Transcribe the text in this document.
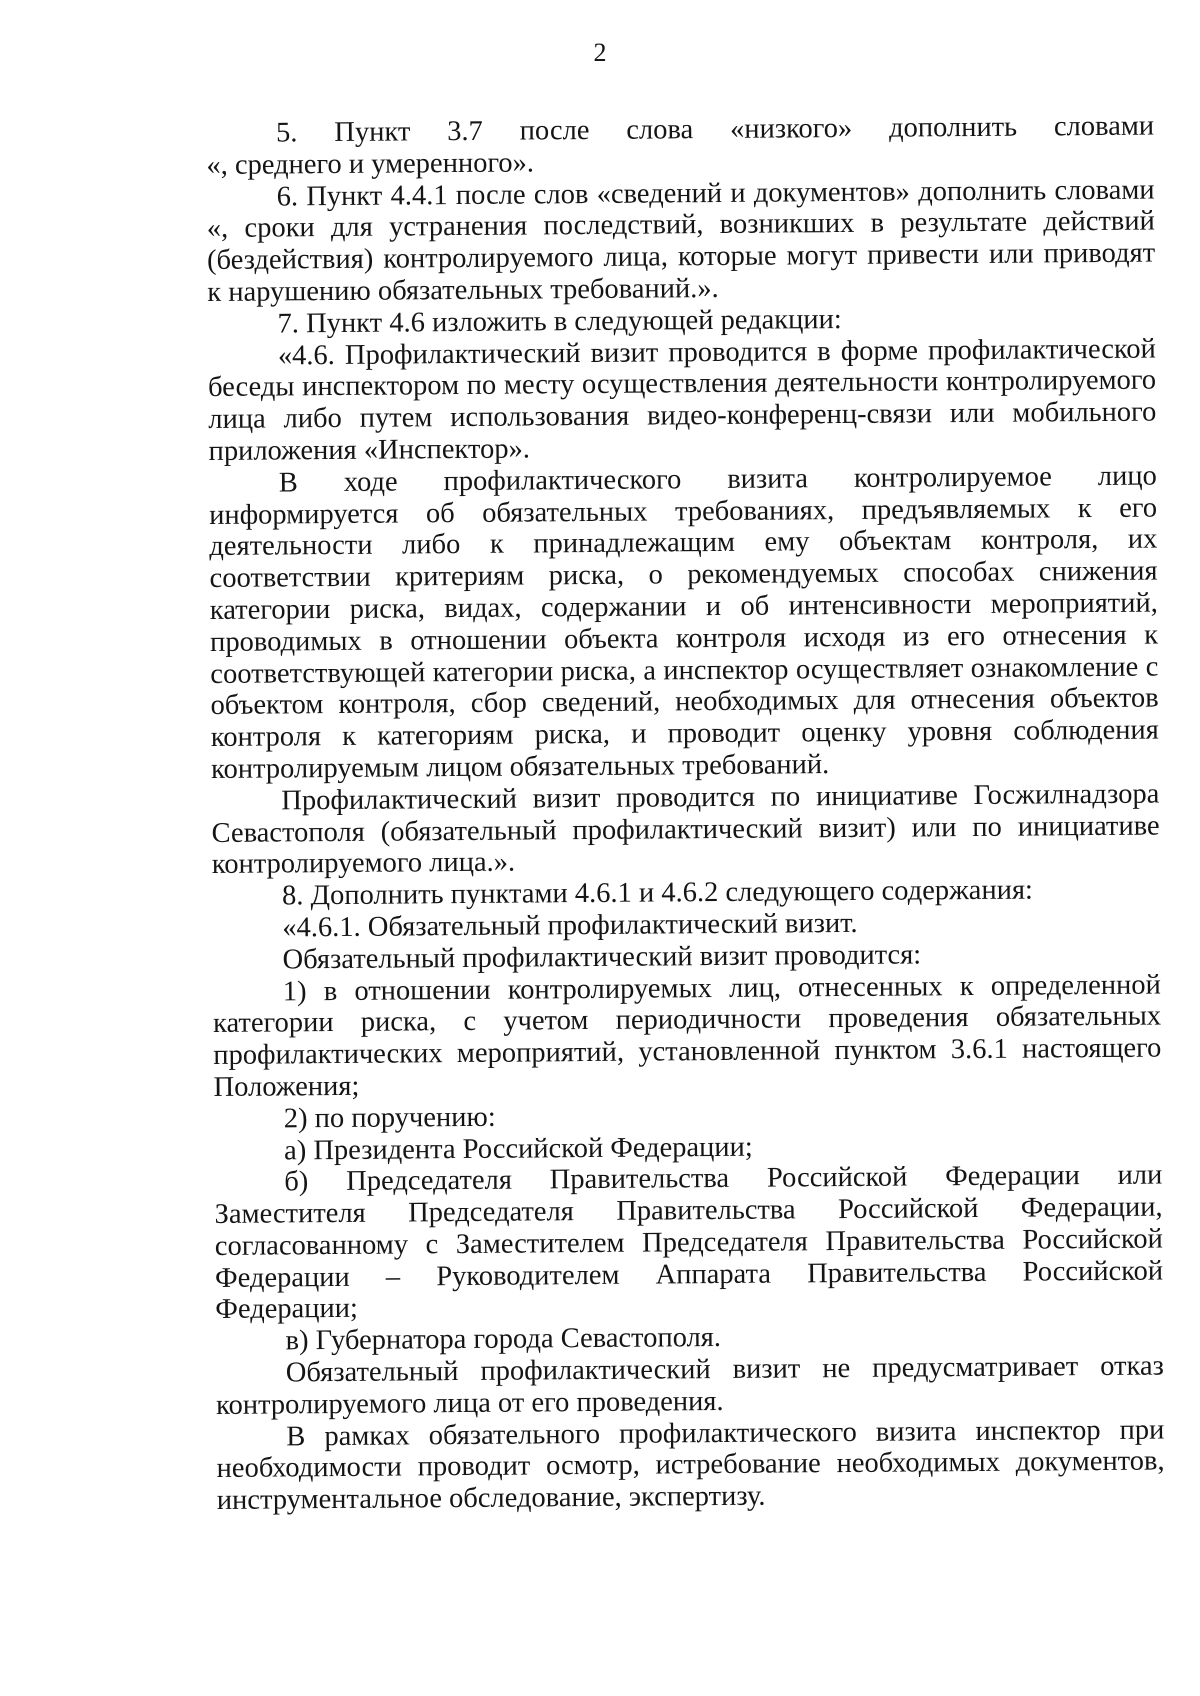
2

5. Пункт 3.7 после слова «низкого» дополнить словами

«, среднего и умеренного».

6. Пункт 4.4.1 после слов «сведений и документов» дополнить словами «, сроки для устранения последствий, возникших в результате действий (бездействия) контролируемого лица, которые могут привести или приводят к нарушению обязательных требований.».

7. Пункт 4.6 изложить в следующей редакции:

«4.6. Профилактический визит проводится в форме профилактической беседы инспектором по месту осуществления деятельности контролируемого лица либо путем использования видео-конференц-связи или мобильного приложения «Инспектор».

В ходе профилактического визита контролируемое лицо информируется об обязательных требованиях, предъявляемых к его деятельности либо к принадлежащим ему объектам контроля, их соответствии критериям риска, о рекомендуемых способах снижения категории риска, видах, содержании и об интенсивности мероприятий, проводимых в отношении объекта контроля исходя из его отнесения к соответствующей категории риска, а инспектор осуществляет ознакомление с объектом контроля, сбор сведений, необходимых для отнесения объектов контроля к категориям риска, и проводит оценку уровня соблюдения контролируемым лицом обязательных требований.

Профилактический визит проводится по инициативе Госжилнадзора Севастополя (обязательный профилактический визит) или по инициативе контролируемого лица.».

8. Дополнить пунктами 4.6.1 и 4.6.2 следующего содержания:

«4.6.1. Обязательный профилактический визит.

Обязательный профилактический визит проводится:

1) в отношении контролируемых лиц, отнесенных к определенной категории риска, с учетом периодичности проведения обязательных профилактических мероприятий, установленной пунктом 3.6.1 настоящего Положения;

2) по поручению:

а) Президента Российской Федерации;

б) Председателя Правительства Российской Федерации или Заместителя Председателя Правительства Российской Федерации, согласованному с Заместителем Председателя Правительства Российской Федерации – Руководителем Аппарата Правительства Российской Федерации;

в) Губернатора города Севастополя.

Обязательный профилактический визит не предусматривает отказ контролируемого лица от его проведения.

В рамках обязательного профилактического визита инспектор при необходимости проводит осмотр, истребование необходимых документов, инструментальное обследование, экспертизу.
